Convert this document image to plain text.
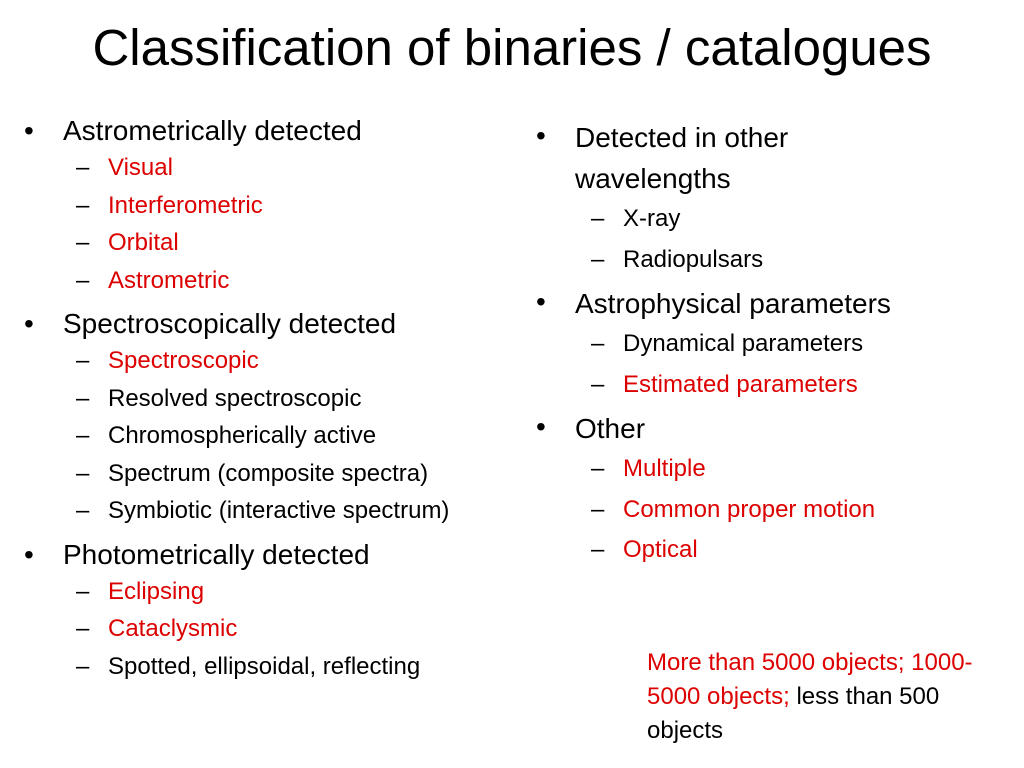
Classification of binaries / catalogues
• Astrometrically detected
– Visual
– Interferometric
– Orbital
– Astrometric
• Spectroscopically detected
– Spectroscopic
– Resolved spectroscopic
– Chromospherically active
– Spectrum (composite spectra)
– Symbiotic (interactive spectrum)
• Photometrically detected
– Eclipsing
– Cataclysmic
– Spotted, ellipsoidal, reflecting
• Detected in other
wavelengths
– X-ray
– Radiopulsars
• Astrophysical parameters
– Dynamical parameters
– Estimated parameters
• Other
– Multiple
– Common proper motion
– Optical
More than 5000 objects; 1000-5000 objects; less than 500 objects
